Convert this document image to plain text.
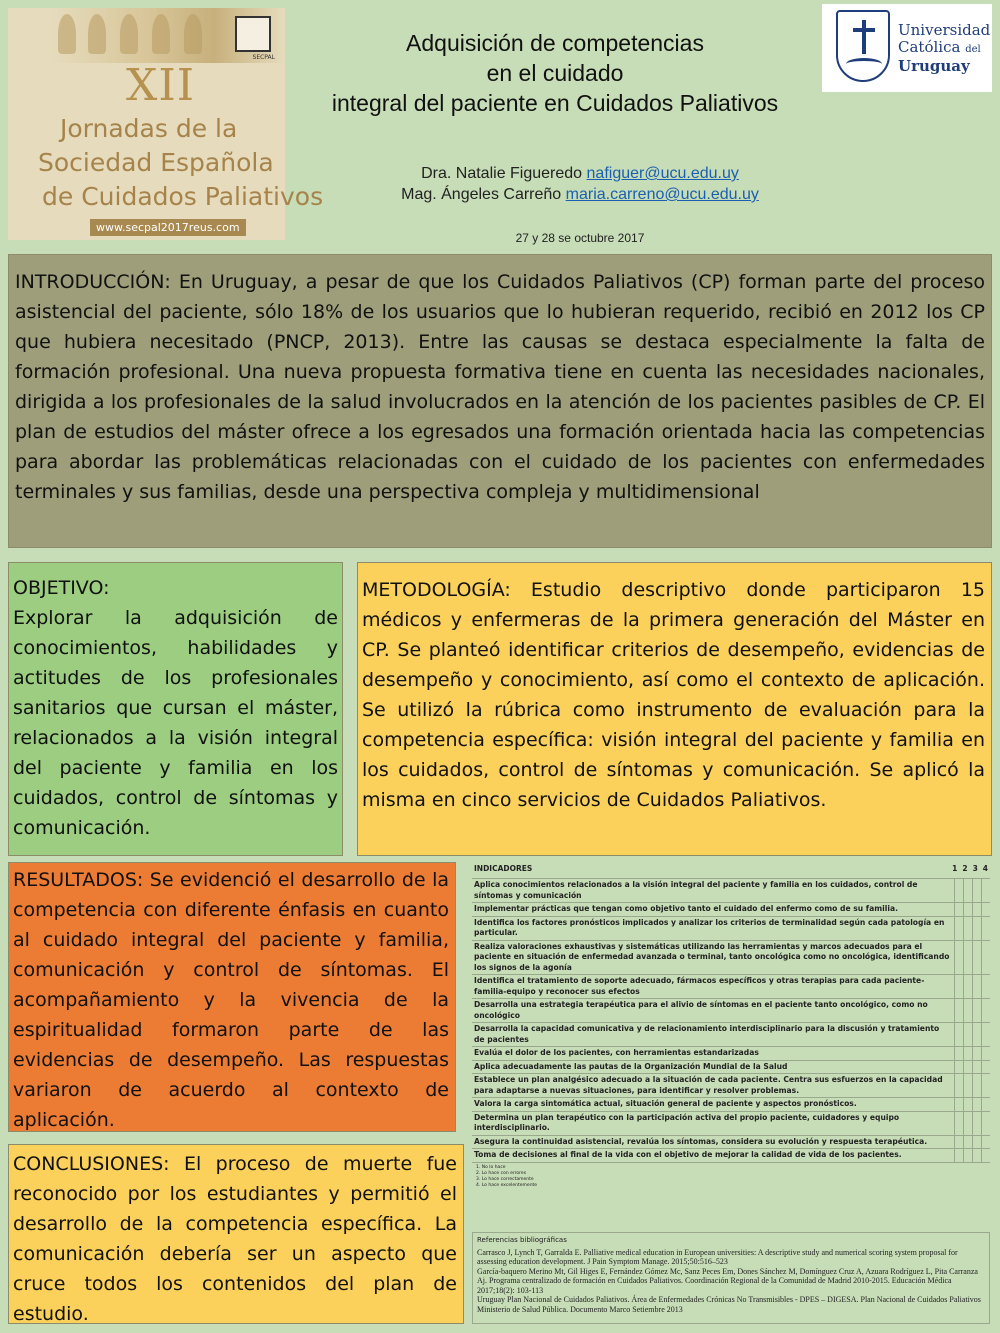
SECPAL
XII
Jornadas de la
Sociedad Española
de Cuidados Paliativos
www.secpal2017reus.com
Universidad
Católica del
Uruguay
Adquisición de competencias
en el cuidado
integral del paciente en Cuidados Paliativos
Dra. Natalie Figueredo nafiguer@ucu.edu.uy
Mag. Ángeles Carreño maria.carreno@ucu.edu.uy
27 y 28 se octubre 2017

INTRODUCCIÓN: En Uruguay, a pesar de que los Cuidados Paliativos (CP) forman parte del proceso asistencial del paciente, sólo 18% de los usuarios que lo hubieran requerido, recibió en 2012 los CP que hubiera necesitado (PNCP, 2013). Entre las causas se destaca especialmente la falta de formación profesional. Una nueva propuesta formativa tiene en cuenta las necesidades nacionales, dirigida a los profesionales de la salud involucrados en la atención de los pacientes pasibles de CP. El plan de estudios del máster ofrece a los egresados una formación orientada hacia las competencias para abordar las problemáticas relacionadas con el cuidado de los pacientes con enfermedades terminales y sus familias, desde una perspectiva compleja y multidimensional

OBJETIVO:

Explorar la adquisición de conocimientos, habilidades y actitudes de los profesionales sanitarios que cursan el máster, relacionados a la visión integral del paciente y familia en los cuidados, control de síntomas y comunicación.

METODOLOGÍA: Estudio descriptivo donde participaron 15 médicos y enfermeras de la primera generación del Máster en CP. Se planteó identificar criterios de desempeño, evidencias de desempeño y conocimiento, así como el contexto de aplicación. Se utilizó la rúbrica como instrumento de evaluación para la competencia específica: visión integral del paciente y familia en los cuidados, control de síntomas y comunicación. Se aplicó la misma en cinco servicios de Cuidados Paliativos.

RESULTADOS: Se evidenció el desarrollo de la competencia con diferente énfasis en cuanto al cuidado integral del paciente y familia, comunicación y control de síntomas. El acompañamiento y la vivencia de la espiritualidad formaron parte de las evidencias de desempeño. Las respuestas variaron de acuerdo al contexto de aplicación.

CONCLUSIONES: El proceso de muerte fue reconocido por los estudiantes y permitió el desarrollo de la competencia específica. La comunicación debería ser un aspecto que cruce todos los contenidos del plan de estudio.

INDICADORES	1 2 3 4
Aplica conocimientos relacionados a la visión integral del paciente y familia en los cuidados, control de síntomas y comunicación
Implementar prácticas que tengan como objetivo tanto el cuidado del enfermo como de su familia.
Identifica los factores pronósticos implicados y analizar los criterios de terminalidad según cada patología en particular.
Realiza valoraciones exhaustivas y sistemáticas utilizando las herramientas y marcos adecuados para el paciente en situación de enfermedad avanzada o terminal, tanto oncológica como no oncológica, identificando los signos de la agonía
Identifica el tratamiento de soporte adecuado, fármacos específicos y otras terapias para cada paciente-familia-equipo y reconocer sus efectos
Desarrolla una estrategia terapéutica para el alivio de síntomas en el paciente tanto oncológico, como no oncológico
Desarrolla la capacidad comunicativa y de relacionamiento interdisciplinario para la discusión y tratamiento de pacientes
Evalúa el dolor de los pacientes, con herramientas estandarizadas
Aplica adecuadamente las pautas de la Organización Mundial de la Salud
Establece un plan analgésico adecuado a la situación de cada paciente. Centra sus esfuerzos en la capacidad para adaptarse a nuevas situaciones, para identificar y resolver problemas.
Valora la carga sintomática actual, situación general de paciente y aspectos pronósticos.
Determina un plan terapéutico con la participación activa del propio paciente, cuidadores y equipo interdisciplinario.
Asegura la continuidad asistencial, revalúa los síntomas, considera su evolución y respuesta terapéutica.
Toma de decisiones al final de la vida con el objetivo de mejorar la calidad de vida de los pacientes.
1. No lo hace
2. Lo hace con errores
3. Lo hace correctamente
4. Lo hace excelentemente
Referencias bibliográficas
Carrasco J, Lynch T, Garralda E. Palliative medical education in European universities: A descriptive study and numerical scoring system proposal for assessing education development. J Pain Symptom Manage. 2015;50:516–523
García-baquero Merino Mt, Gil Higes E, Fernández Gómez Mc, Sanz Peces Em, Dones Sánchez M, Domínguez Cruz A, Azuara Rodríguez L, Pita Carranza Aj. Programa centralizado de formación en Cuidados Paliativos. Coordinación Regional de la Comunidad de Madrid 2010-2015. Educación Médica 2017;18(2): 103-113
Uruguay Plan Nacional de Cuidados Paliativos. Área de Enfermedades Crónicas No Transmisibles - DPES – DIGESA. Plan Nacional de Cuidados Paliativos Ministerio de Salud Pública. Documento Marco Setiembre 2013
